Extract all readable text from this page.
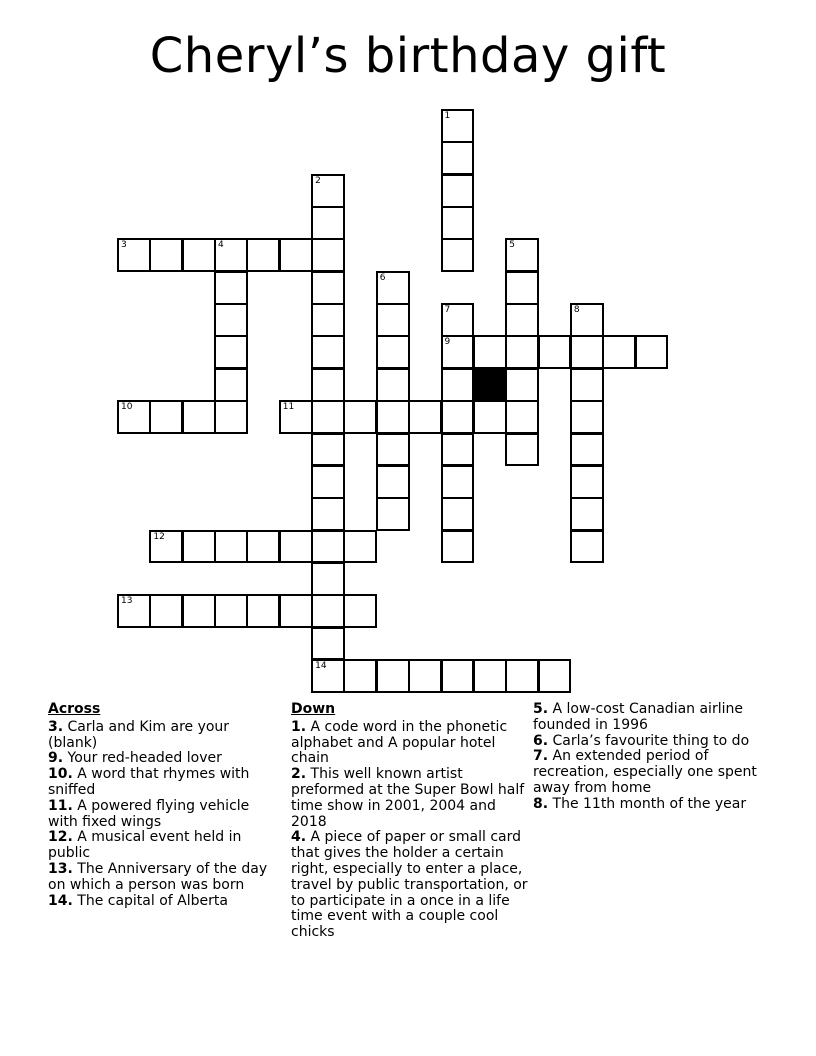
Cheryl’s birthday gift
1
2
14
3	4	5
6
7
9
8
10	11
12
13
Across

3. Carla and Kim are your (blank)

9. Your red-headed lover

10. A word that rhymes with sniffed

11. A powered flying vehicle with fixed wings

12. A musical event held in public

13. The Anniversary of the day on which a person was born

14. The capital of Alberta

Down

1. A code word in the phonetic alphabet and A popular hotel chain

2. This well known artist preformed at the Super Bowl half time show in 2001, 2004 and 2018

4. A piece of paper or small card that gives the holder a certain right, especially to enter a place, travel by public transportation, or to participate in a once in a life time event with a couple cool chicks

5. A low-cost Canadian airline founded in 1996

6. Carla’s favourite thing to do

7. An extended period of recreation, especially one spent away from home

8. The 11th month of the year
